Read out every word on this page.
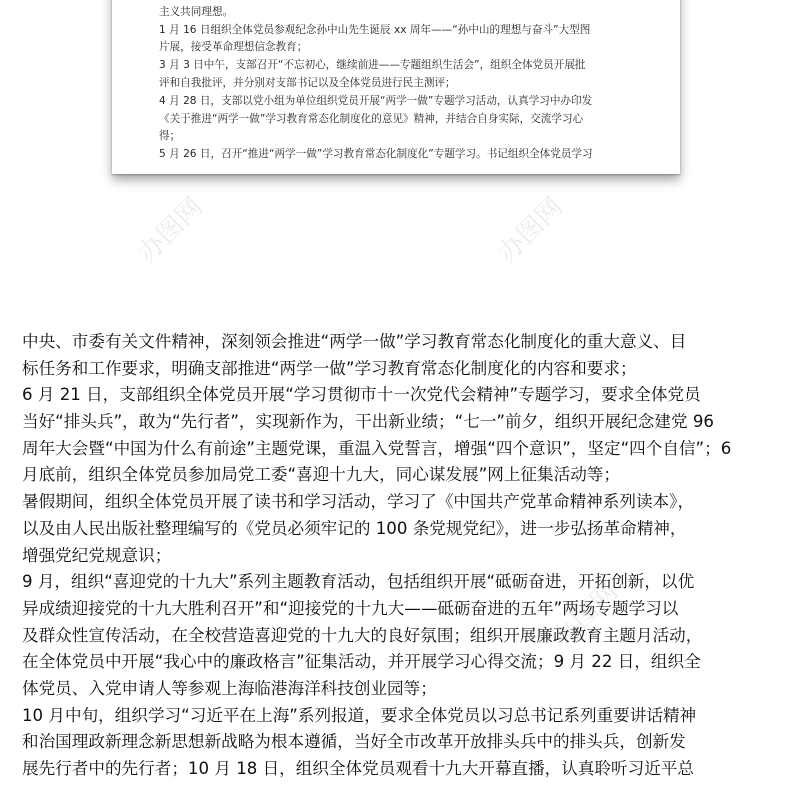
主义共同理想。
1 月 16 日组织全体党员参观纪念孙中山先生诞辰 xx 周年——“孙中山的理想与奋斗”大型图
片展，接受革命理想信念教育；
3 月 3 日中午，支部召开“不忘初心，继续前进——专题组织生活会”，组织全体党员开展批
评和自我批评，并分别对支部书记以及全体党员进行民主测评；
4 月 28 日，支部以党小组为单位组织党员开展“两学一做”专题学习活动，认真学习中办印发
《关于推进“两学一做”学习教育常态化制度化的意见》精神，并结合自身实际，交流学习心
得；
5 月 26 日，召开“推进“两学一做”学习教育常态化制度化”专题学习。书记组织全体党员学习
中央、市委有关文件精神，深刻领会推进“两学一做”学习教育常态化制度化的重大意义、目
标任务和工作要求，明确支部推进“两学一做”学习教育常态化制度化的内容和要求；
6 月 21 日，支部组织全体党员开展“学习贯彻市十一次党代会精神”专题学习，要求全体党员
当好“排头兵”，敢为“先行者”，实现新作为，干出新业绩；“七一”前夕，组织开展纪念建党 96
周年大会暨“中国为什么有前途”主题党课，重温入党誓言，增强“四个意识”，坚定“四个自信”；6
月底前，组织全体党员参加局党工委“喜迎十九大，同心谋发展”网上征集活动等；
暑假期间，组织全体党员开展了读书和学习活动，学习了《中国共产党革命精神系列读本》，
以及由人民出版社整理编写的《党员必须牢记的 100 条党规党纪》，进一步弘扬革命精神，
增强党纪党规意识；
9 月，组织“喜迎党的十九大”系列主题教育活动，包括组织开展“砥砺奋进，开拓创新，以优
异成绩迎接党的十九大胜利召开”和“迎接党的十九大——砥砺奋进的五年”两场专题学习以
及群众性宣传活动，在全校营造喜迎党的十九大的良好氛围；组织开展廉政教育主题月活动，
在全体党员中开展“我心中的廉政格言”征集活动，并开展学习心得交流；9 月 22 日，组织全
体党员、入党申请人等参观上海临港海洋科技创业园等；
10 月中旬，组织学习“习近平在上海”系列报道，要求全体党员以习总书记系列重要讲话精神
和治国理政新理念新思想新战略为根本遵循，当好全市改革开放排头兵中的排头兵，创新发
展先行者中的先行者；10 月 18 日，组织全体党员观看十九大开幕直播，认真聆听习近平总
办图网	办图网
办图网
